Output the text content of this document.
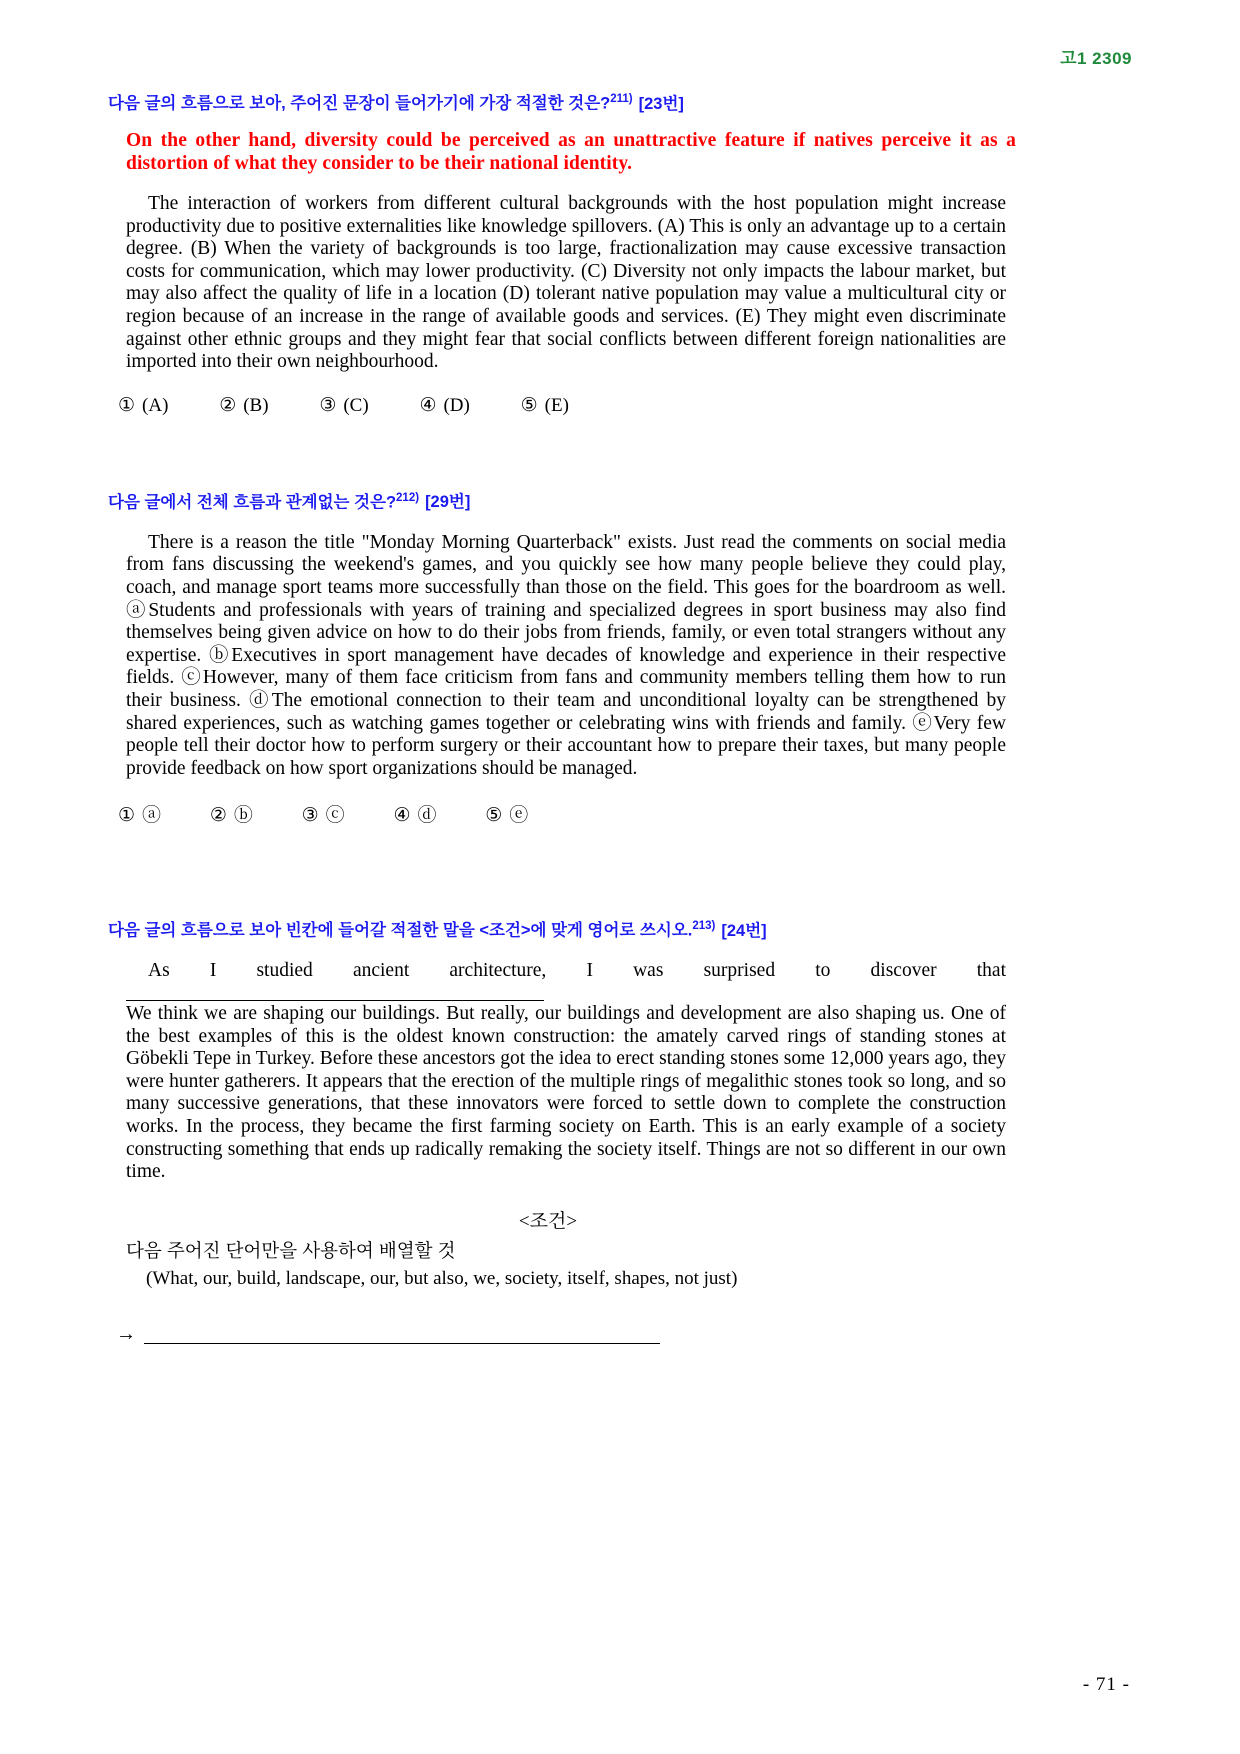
고1 2309
다음 글의 흐름으로 보아, 주어진 문장이 들어가기에 가장 적절한 것은?$^{211)}$ [23번]
On the other hand, diversity could be perceived as an unattractive feature if natives perceive it as a distortion of what they consider to be their national identity.
The interaction of workers from different cultural backgrounds with the host population might increase productivity due to positive externalities like knowledge spillovers. (A) This is only an advantage up to a certain degree. (B) When the variety of backgrounds is too large, fractionalization may cause excessive transaction costs for communication, which may lower productivity. (C) Diversity not only impacts the labour market, but may also affect the quality of life in a location (D) tolerant native population may value a multicultural city or region because of an increase in the range of available goods and services. (E) They might even discriminate against other ethnic groups and they might fear that social conflicts between different foreign nationalities are imported into their own neighbourhood.
① (A)	② (B)	③ (C)	④ (D)	⑤ (E)
다음 글에서 전체 흐름과 관계없는 것은?$^{212)}$ [29번]
There is a reason the title "Monday Morning Quarterback" exists. Just read the comments on social media from fans discussing the weekend's games, and you quickly see how many people believe they could play, coach, and manage sport teams more successfully than those on the field. This goes for the boardroom as well. ⓐStudents and professionals with years of training and specialized degrees in sport business may also find themselves being given advice on how to do their jobs from friends, family, or even total strangers without any expertise. ⓑExecutives in sport management have decades of knowledge and experience in their respective fields. ⓒHowever, many of them face criticism from fans and community members telling them how to run their business. ⓓThe emotional connection to their team and unconditional loyalty can be strengthened by shared experiences, such as watching games together or celebrating wins with friends and family. ⓔVery few people tell their doctor how to perform surgery or their accountant how to prepare their taxes, but many people provide feedback on how sport organizations should be managed.
① ⓐ	② ⓑ	③ ⓒ	④ ⓓ	⑤ ⓔ
다음 글의 흐름으로 보아 빈칸에 들어갈 적절한 말을 <조건>에 맞게 영어로 쓰시오.$^{213)}$ [24번]
As I studied ancient architecture, I was surprised to discover that
We think we are shaping our buildings. But really, our buildings and development are also shaping us. One of the best examples of this is the oldest known construction: the amately carved rings of standing stones at Göbekli Tepe in Turkey. Before these ancestors got the idea to erect standing stones some 12,000 years ago, they were hunter gatherers. It appears that the erection of the multiple rings of megalithic stones took so long, and so many successive generations, that these innovators were forced to settle down to complete the construction works. In the process, they became the first farming society on Earth. This is an early example of a society constructing something that ends up radically remaking the society itself. Things are not so different in our own time.
<조건>
다음 주어진 단어만을 사용하여 배열할 것
(What, our, build, landscape, our, but also, we, society, itself, shapes, not just)
→
- 71 -
